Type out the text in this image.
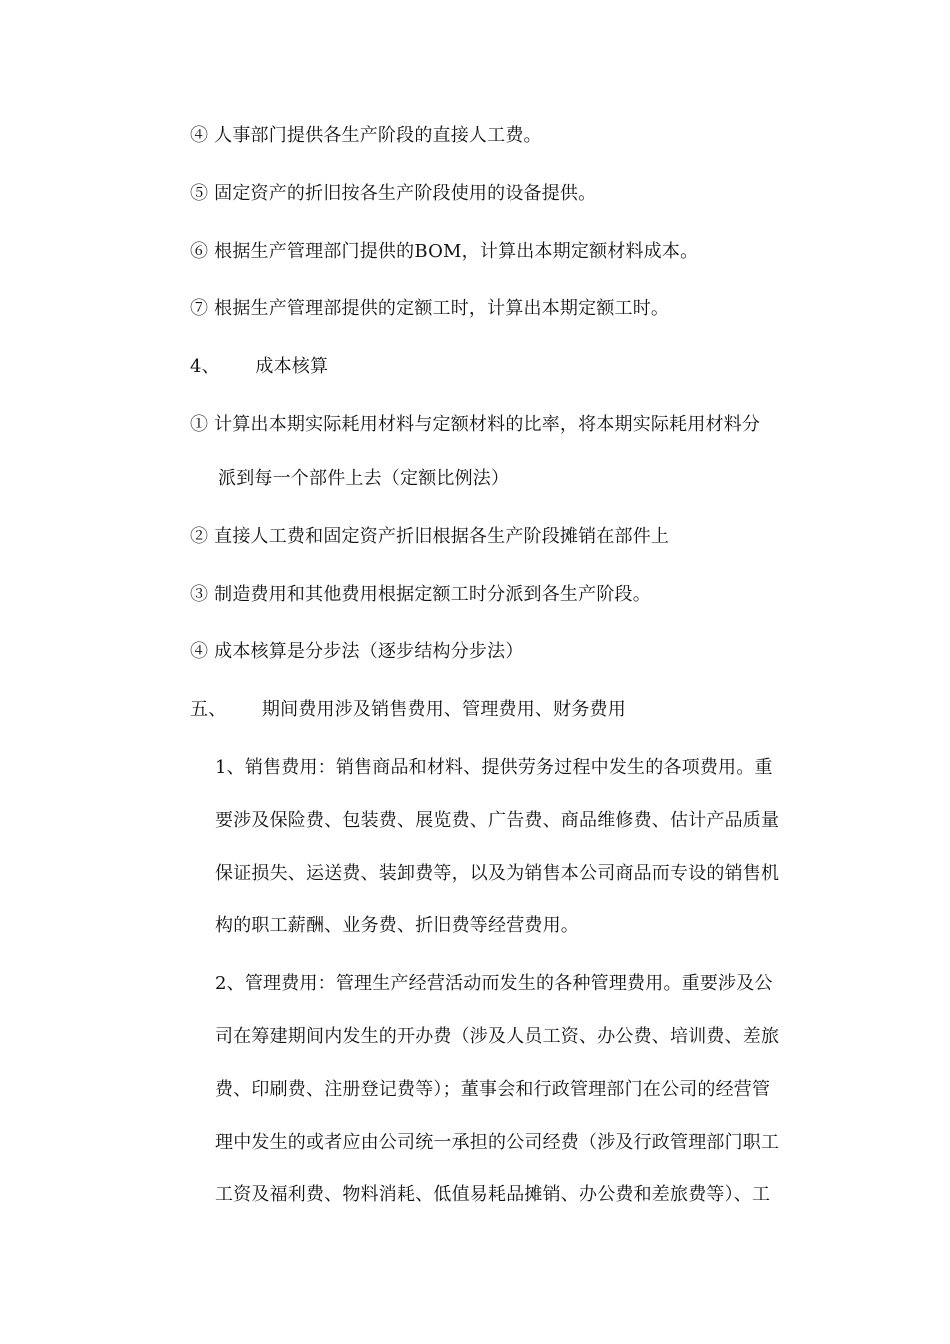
④ 人事部门提供各生产阶段的直接人工费。
⑤ 固定资产的折旧按各生产阶段使用的设备提供。
⑥ 根据生产管理部门提供的BOM，计算出本期定额材料成本。
⑦ 根据生产管理部提供的定额工时，计算出本期定额工时。
4、      成本核算
① 计算出本期实际耗用材料与定额材料的比率，将本期实际耗用材料分
派到每一个部件上去（定额比例法）
② 直接人工费和固定资产折旧根据各生产阶段摊销在部件上
③ 制造费用和其他费用根据定额工时分派到各生产阶段。
④ 成本核算是分步法（逐步结构分步法）
五、      期间费用涉及销售费用、管理费用、财务费用
1、销售费用：销售商品和材料、提供劳务过程中发生的各项费用。重
要涉及保险费、包装费、展览费、广告费、商品维修费、估计产品质量
保证损失、运送费、装卸费等，以及为销售本公司商品而专设的销售机
构的职工薪酬、业务费、折旧费等经营费用。
2、管理费用：管理生产经营活动而发生的各种管理费用。重要涉及公
司在筹建期间内发生的开办费（涉及人员工资、办公费、培训费、差旅
费、印刷费、注册登记费等）；董事会和行政管理部门在公司的经营管
理中发生的或者应由公司统一承担的公司经费（涉及行政管理部门职工
工资及福利费、物料消耗、低值易耗品摊销、办公费和差旅费等）、工
